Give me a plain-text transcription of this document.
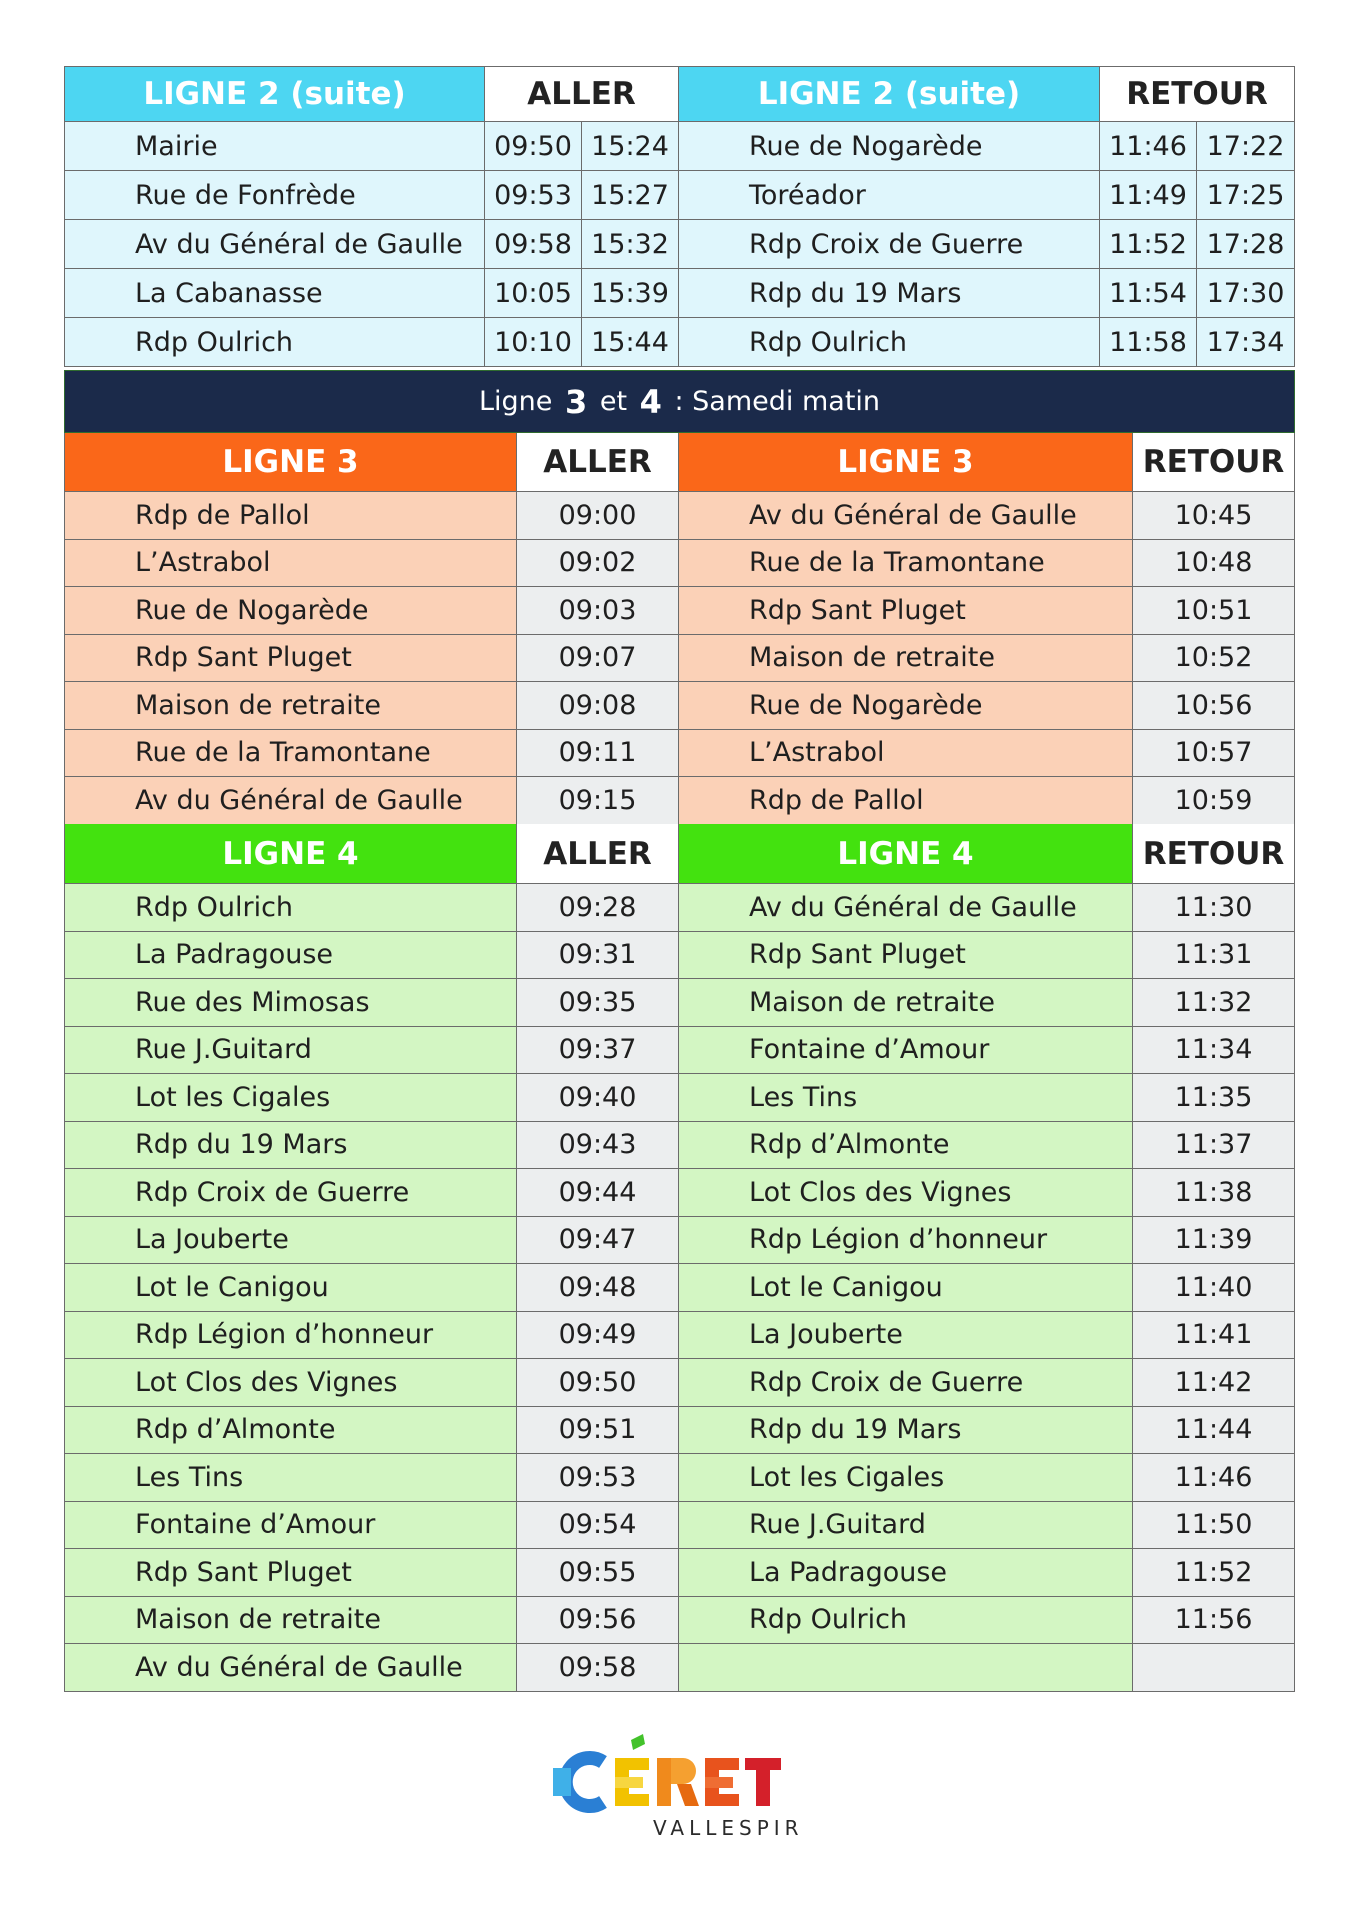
LIGNE 2 (suite)	ALLER	LIGNE 2 (suite)	RETOUR
Mairie	09:50 15:24	Rue de Nogarède	11:46 17:22
Rue de Fonfrède	09:53 15:27	Toréador	11:49 17:25
Av du Général de Gaulle	09:58 15:32	Rdp Croix de Guerre	11:52 17:28
La Cabanasse	10:05 15:39	Rdp du 19 Mars	11:54 17:30
Rdp Oulrich	10:10 15:44	Rdp Oulrich	11:58 17:34
Ligne
3
et
4
: Samedi matin
LIGNE 3	ALLER	LIGNE 3	RETOUR
Rdp de Pallol	09:00	Av du Général de Gaulle	10:45
L’Astrabol	09:02	Rue de la Tramontane	10:48
Rue de Nogarède	09:03	Rdp Sant Pluget	10:51
Rdp Sant Pluget	09:07	Maison de retraite	10:52
Maison de retraite	09:08	Rue de Nogarède	10:56
Rue de la Tramontane	09:11	L’Astrabol	10:57
Av du Général de Gaulle	09:15	Rdp de Pallol	10:59
LIGNE 4	ALLER	LIGNE 4	RETOUR
Rdp Oulrich	09:28	Av du Général de Gaulle	11:30
La Padragouse	09:31	Rdp Sant Pluget	11:31
Rue des Mimosas	09:35	Maison de retraite	11:32
Rue J.Guitard	09:37	Fontaine d’Amour	11:34
Lot les Cigales	09:40	Les Tins	11:35
Rdp du 19 Mars	09:43	Rdp d’Almonte	11:37
Rdp Croix de Guerre	09:44	Lot Clos des Vignes	11:38
La Jouberte	09:47	Rdp Légion d’honneur	11:39
Lot le Canigou	09:48	Lot le Canigou	11:40
Rdp Légion d’honneur	09:49	La Jouberte	11:41
Lot Clos des Vignes	09:50	Rdp Croix de Guerre	11:42
Rdp d’Almonte	09:51	Rdp du 19 Mars	11:44
Les Tins	09:53	Lot les Cigales	11:46
Fontaine d’Amour	09:54	Rue J.Guitard	11:50
Rdp Sant Pluget	09:55	La Padragouse	11:52
Maison de retraite	09:56	Rdp Oulrich	11:56
Av du Général de Gaulle	09:58
VALLESPIR
